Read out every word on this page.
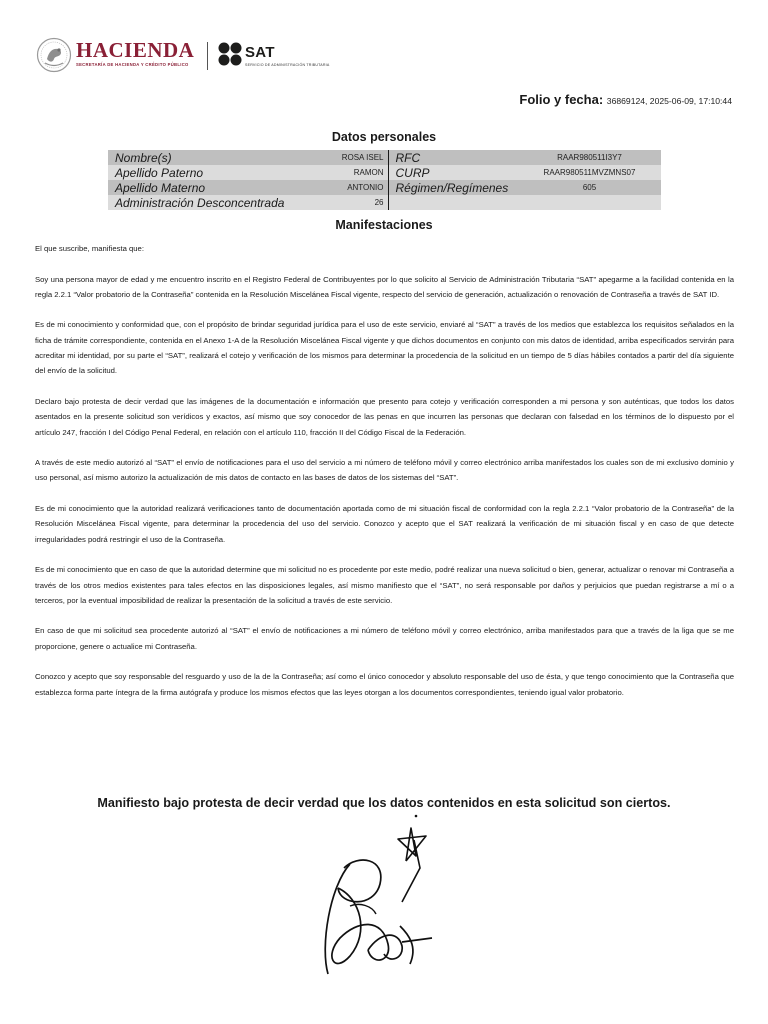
HACIENDA
SECRETARÍA DE HACIENDA Y CRÉDITO PÚBLICO
SAT
SERVICIO DE ADMINISTRACIÓN TRIBUTARIA
Folio y fecha: 36869124, 2025-06-09, 17:10:44
Datos personales
Nombre(s)	ROSA ISEL	RFC	RAAR980511I3Y7
Apellido Paterno	RAMON	CURP	RAAR980511MVZMNS07
Apellido Materno	ANTONIO	Régimen/Regímenes	605
Administración Desconcentrada	26		
Manifestaciones

El que suscribe, manifiesta que:

Soy una persona mayor de edad y me encuentro inscrito en el Registro Federal de Contribuyentes por lo que solicito al Servicio de Administración Tributaria “SAT” apegarme a la facilidad contenida en la regla 2.2.1 “Valor probatorio de la Contraseña” contenida en la Resolución Miscelánea Fiscal vigente, respecto del servicio de generación, actualización o renovación de Contraseña a través de SAT ID.

Es de mi conocimiento y conformidad que, con el propósito de brindar seguridad jurídica para el uso de este servicio, enviaré al “SAT” a través de los medios que establezca los requisitos señalados en la ficha de trámite correspondiente, contenida en el Anexo 1-A de la Resolución Miscelánea Fiscal vigente y que dichos documentos en conjunto con mis datos de identidad, arriba especificados servirán para acreditar mi identidad, por su parte el “SAT”, realizará el cotejo y verificación de los mismos para determinar la procedencia de la solicitud en un tiempo de 5 días hábiles contados a partir del día siguiente del envío de la solicitud.

Declaro bajo protesta de decir verdad que las imágenes de la documentación e información que presento para cotejo y verificación corresponden a mi persona y son auténticas, que todos los datos asentados en la presente solicitud son verídicos y exactos, así mismo que soy conocedor de las penas en que incurren las personas que declaran con falsedad en los términos de lo dispuesto por el artículo 247, fracción I del Código Penal Federal, en relación con el artículo 110, fracción II del Código Fiscal de la Federación.

A través de este medio autorizó al “SAT” el envío de notificaciones para el uso del servicio a mi número de teléfono móvil y correo electrónico arriba manifestados los cuales son de mi exclusivo dominio y uso personal, así mismo autorizo la actualización de mis datos de contacto en las bases de datos de los sistemas del “SAT”.

Es de mi conocimiento que la autoridad realizará verificaciones tanto de documentación aportada como de mi situación fiscal de conformidad con la regla 2.2.1 “Valor probatorio de la Contraseña” de la Resolución Miscelánea Fiscal vigente, para determinar la procedencia del uso del servicio. Conozco y acepto que el SAT realizará la verificación de mi situación fiscal y en caso de que detecte irregularidades podrá restringir el uso de la Contraseña.

Es de mi conocimiento que en caso de que la autoridad determine que mi solicitud no es procedente por este medio, podré realizar una nueva solicitud o bien, generar, actualizar o renovar mi Contraseña a través de los otros medios existentes para tales efectos en las disposiciones legales, así mismo manifiesto que el “SAT”, no será responsable por daños y perjuicios que puedan registrarse a mí o a terceros, por la eventual imposibilidad de realizar la presentación de la solicitud a través de este servicio.

En caso de que mi solicitud sea procedente autorizó al “SAT” el envío de notificaciones a mi número de teléfono móvil y correo electrónico, arriba manifestados para que a través de la liga que se me proporcione, genere o actualice mi Contraseña.

Conozco y acepto que soy responsable del resguardo y uso de la de la Contraseña; así como el único conocedor y absoluto responsable del uso de ésta, y que tengo conocimiento que la Contraseña que establezca forma parte íntegra de la firma autógrafa y produce los mismos efectos que las leyes otorgan a los documentos correspondientes, teniendo igual valor probatorio.

Manifiesto bajo protesta de decir verdad que los datos contenidos en esta solicitud son ciertos.
